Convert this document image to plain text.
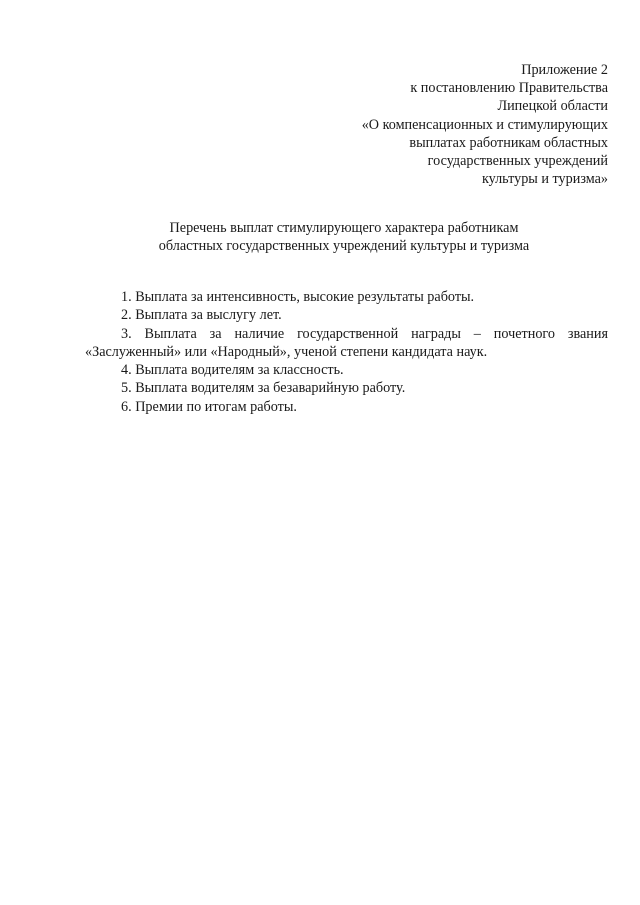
Приложение 2
к постановлению Правительства
Липецкой области
«О компенсационных и стимулирующих
выплатах работникам областных
государственных учреждений
культуры и туризма»
Перечень выплат стимулирующего характера работникам
областных государственных учреждений культуры и туризма
1. Выплата за интенсивность, высокие результаты работы.
2. Выплата за выслугу лет.
3. Выплата за наличие государственной награды – почетного звания «Заслуженный» или «Народный», ученой степени кандидата наук.
4. Выплата водителям за классность.
5. Выплата водителям за безаварийную работу.
6. Премии по итогам работы.
